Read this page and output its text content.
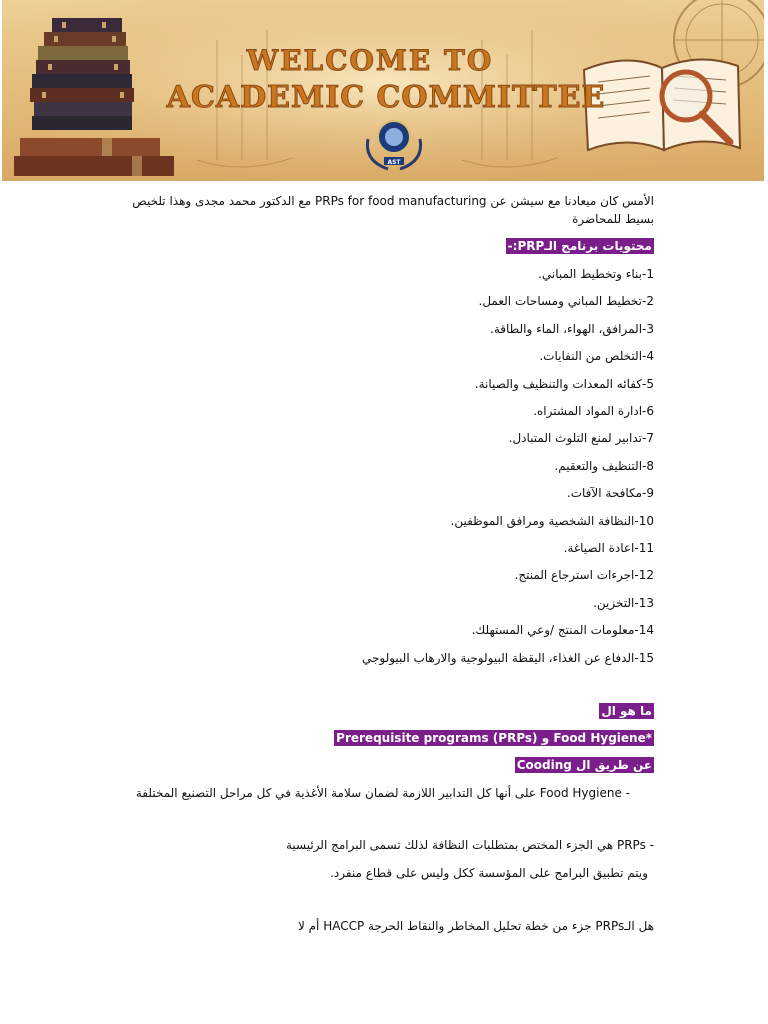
WELCOME TO
ACADEMIC COMMITTEE
AST
الأمس كان ميعادنا مع سيشن عن PRPs for food manufacturing مع الدكتور محمد مجدى وهذا تلخيص
بسيط للمحاضرة
محتويات برنامج الـPRP:-
1-بناء وتخطيط المباني.
2-تخطيط المباني ومساحات العمل.
3-المرافق، الهواء، الماء والطاقة.
4-التخلص من النفايات.
5-كفائه المعدات والتنظيف والصيانة.
6-ادارة المواد المشتراه.
7-تدابير لمنع التلوث المتبادل.
8-التنظيف والتعقيم.
9-مكافحة الآفات.
10-النظافة الشخصية ومرافق الموظفين.
11-اعادة الصياغة.
12-اجرءات استرجاع المنتج.
13-التخزين.
14-معلومات المنتج /وعي المستهلك.
15-الدفاع عن الغذاء، اليقظة البيولوجية والارهاب البيولوجي
ما هو ال
*Food Hygiene و Prerequisite programs (PRPs)
عن طريق ال Cooding
- Food Hygiene على أنها كل التدابير اللازمة لضمان سلامة الأغذية في كل مراحل التصنيع المختلفة
- PRPs هي الجزء المختص بمتطلبات النظافة لذلك تسمى البرامج الرئيسية
ويتم تطبيق البرامج على المؤسسة ككل وليس على قطاع منفرد.
هل الـPRPs جزء من خطة تحليل المخاطر والنقاط الحرجة HACCP أم لا
